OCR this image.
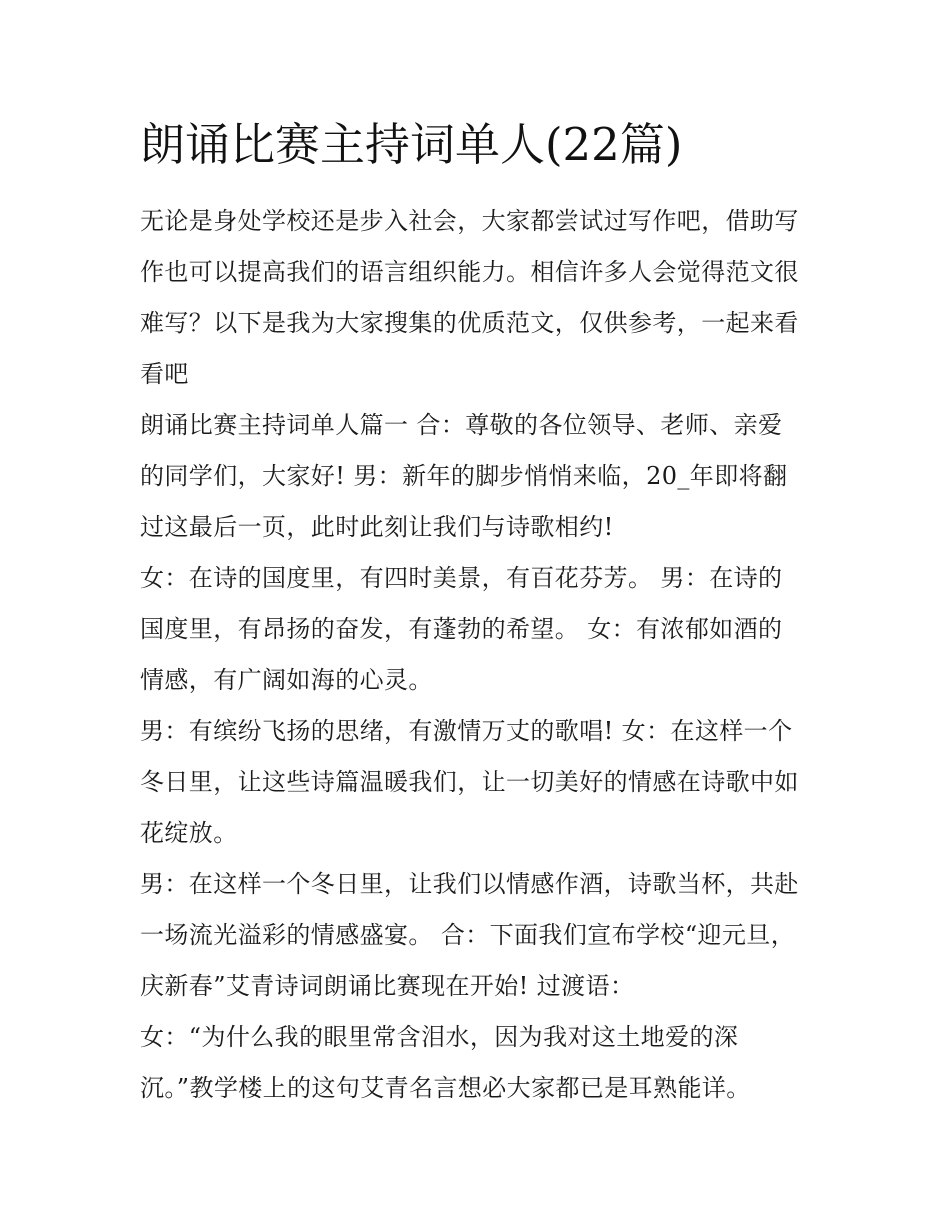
朗诵比赛主持词单人(22篇)
无论是身处学校还是步入社会，大家都尝试过写作吧，借助写
作也可以提高我们的语言组织能力。相信许多人会觉得范文很
难写？以下是我为大家搜集的优质范文，仅供参考，一起来看
看吧
朗诵比赛主持词单人篇一 合：尊敬的各位领导、老师、亲爱
的同学们，大家好! 男：新年的脚步悄悄来临，20_年即将翻
过这最后一页，此时此刻让我们与诗歌相约!
女：在诗的国度里，有四时美景，有百花芬芳。 男：在诗的
国度里，有昂扬的奋发，有蓬勃的希望。 女：有浓郁如酒的
情感，有广阔如海的心灵。
男：有缤纷飞扬的思绪，有激情万丈的歌唱! 女：在这样一个
冬日里，让这些诗篇温暖我们，让一切美好的情感在诗歌中如
花绽放。
男：在这样一个冬日里，让我们以情感作酒，诗歌当杯，共赴
一场流光溢彩的情感盛宴。 合：下面我们宣布学校“迎元旦，
庆新春”艾青诗词朗诵比赛现在开始! 过渡语：
女：“为什么我的眼里常含泪水，因为我对这土地爱的深
沉。”教学楼上的这句艾青名言想必大家都已是耳熟能详。
